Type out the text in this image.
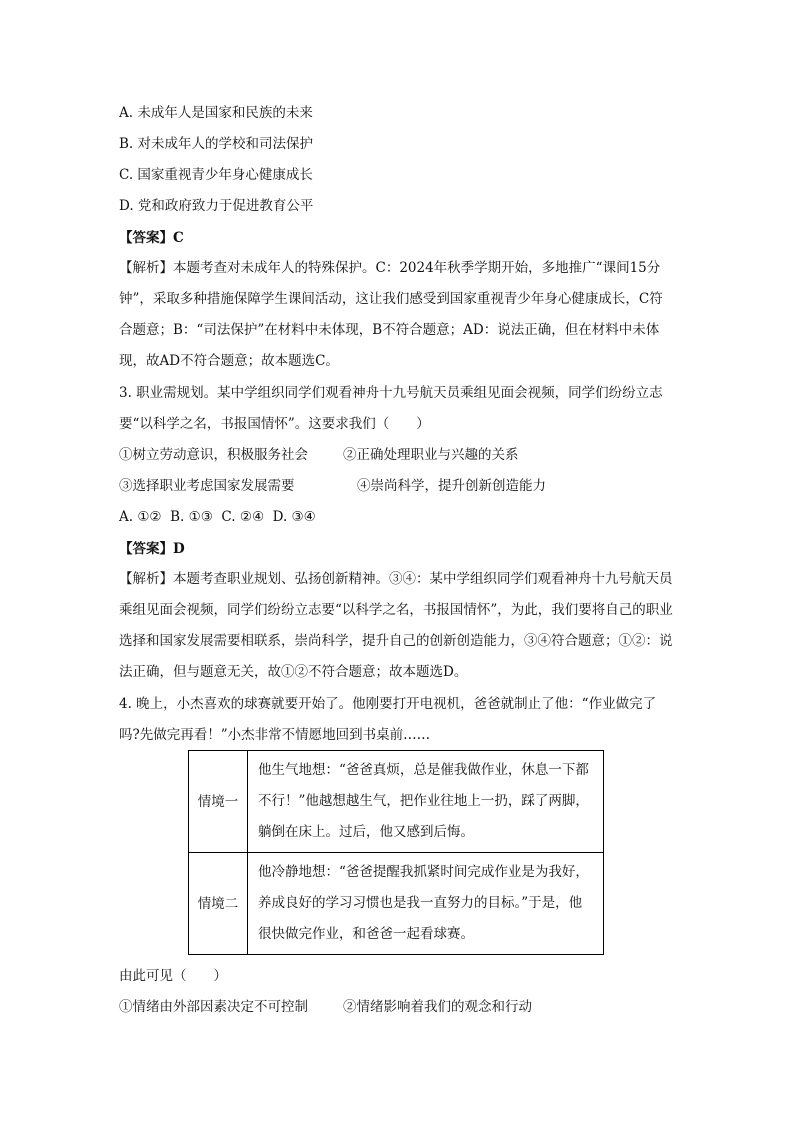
A. 未成年人是国家和民族的未来
B. 对未成年人的学校和司法保护
C. 国家重视青少年身心健康成长
D. 党和政府致力于促进教育公平
【答案】C
【解析】本题考查对未成年人的特殊保护。C：2024年秋季学期开始，多地推广“课间15分钟”，采取多种措施保障学生课间活动，这让我们感受到国家重视青少年身心健康成长，C符合题意；B：“司法保护”在材料中未体现，B不符合题意；AD：说法正确，但在材料中未体现，故AD不符合题意；故本题选C。
3. 职业需规划。某中学组织同学们观看神舟十九号航天员乘组见面会视频，同学们纷纷立志要“以科学之名，书报国情怀”。这要求我们（　　）
①树立劳动意识，积极服务社会	②正确处理职业与兴趣的关系
③选择职业考虑国家发展需要	④崇尚科学，提升创新创造能力
A. ①②  B. ①③  C. ②④  D. ③④
【答案】D
【解析】本题考查职业规划、弘扬创新精神。③④：某中学组织同学们观看神舟十九号航天员乘组见面会视频，同学们纷纷立志要“以科学之名，书报国情怀”，为此，我们要将自己的职业选择和国家发展需要相联系，崇尚科学，提升自己的创新创造能力，③④符合题意；①②：说法正确，但与题意无关，故①②不符合题意；故本题选D。
4. 晚上，小杰喜欢的球赛就要开始了。他刚要打开电视机，爸爸就制止了他：“作业做完了吗?先做完再看！”小杰非常不情愿地回到书桌前……
情境一	他生气地想：“爸爸真烦，总是催我做作业，休息一下都不行！”他越想越生气，把作业往地上一扔，踩了两脚，躺倒在床上。过后，他又感到后悔。
情境二	他冷静地想：“爸爸提醒我抓紧时间完成作业是为我好，养成良好的学习习惯也是我一直努力的目标。”于是，他很快做完作业，和爸爸一起看球赛。
由此可见（　　）
①情绪由外部因素决定不可控制	②情绪影响着我们的观念和行动
